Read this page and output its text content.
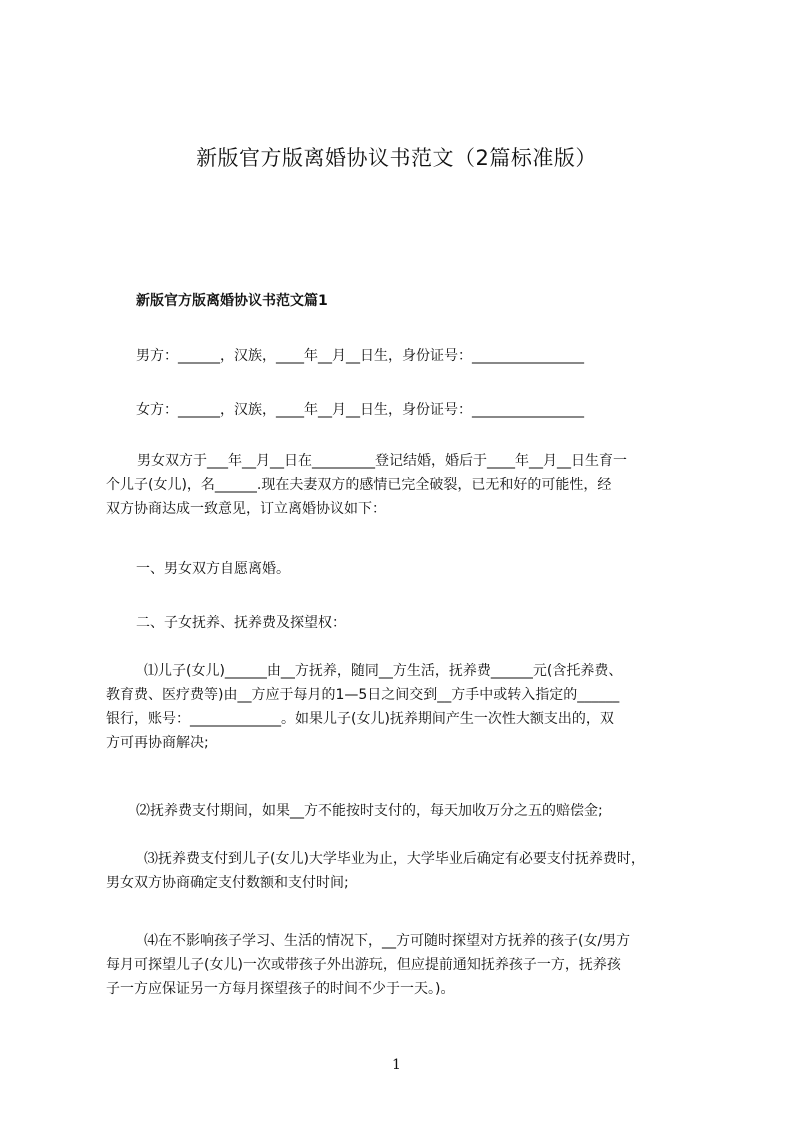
新版官方版离婚协议书范文（2篇标准版）
新版官方版离婚协议书范文篇1
男方：______，汉族，____年__月__日生，身份证号：________________
女方：______，汉族，____年__月__日生，身份证号：________________
男女双方于___年__月__日在_________登记结婚，婚后于____年__月__日生育一
个儿子(女儿)，名______.现在夫妻双方的感情已完全破裂，已无和好的可能性，经
双方协商达成一致意见，订立离婚协议如下：
一、男女双方自愿离婚。
二、子女抚养、抚养费及探望权：
⑴儿子(女儿)______由__方抚养，随同__方生活，抚养费______元(含托养费、
教育费、医疗费等)由__方应于每月的1—5日之间交到__方手中或转入指定的______
银行，账号：_____________。如果儿子(女儿)抚养期间产生一次性大额支出的，双
方可再协商解决;
⑵抚养费支付期间，如果__方不能按时支付的，每天加收万分之五的赔偿金;
⑶抚养费支付到儿子(女儿)大学毕业为止，大学毕业后确定有必要支付抚养费时，
男女双方协商确定支付数额和支付时间;
⑷在不影响孩子学习、生活的情况下，__方可随时探望对方抚养的孩子(女/男方
每月可探望儿子(女儿)一次或带孩子外出游玩，但应提前通知抚养孩子一方，抚养孩
子一方应保证另一方每月探望孩子的时间不少于一天。)。
1
